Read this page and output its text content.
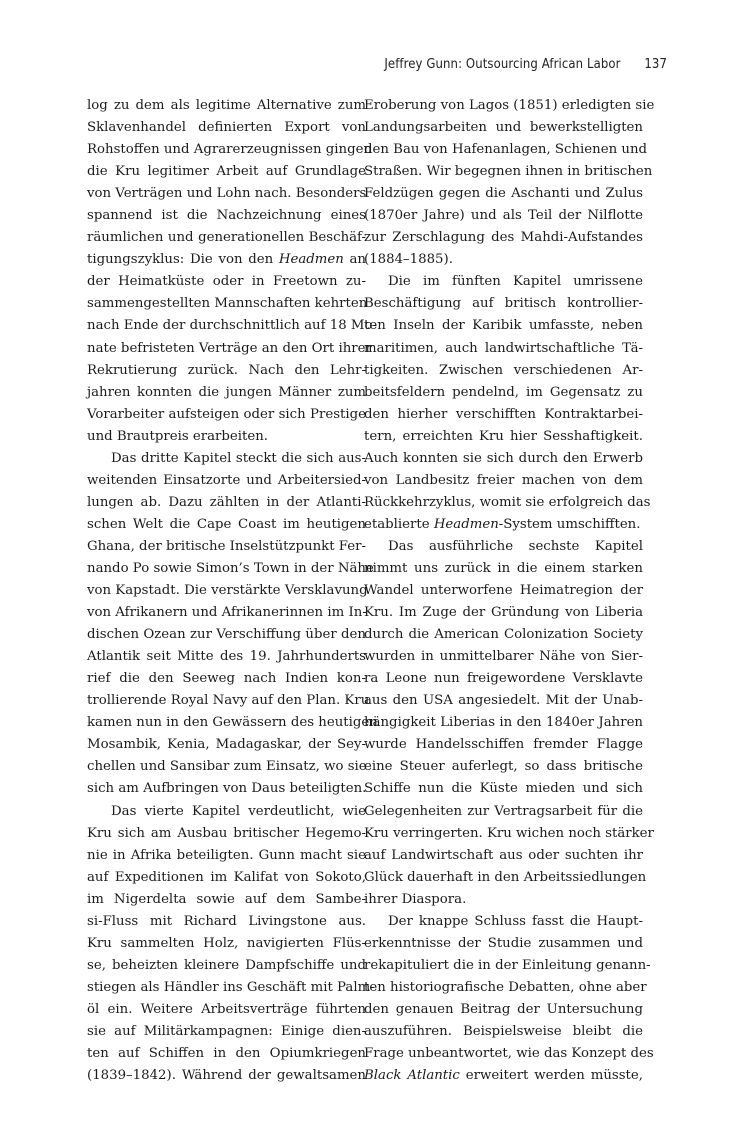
Jeffrey Gunn: Outsourcing African Labor 137
log zu dem als legitime Alternative zum
Sklavenhandel definierten Export von
Rohstoffen und Agrarerzeugnissen gingen
die Kru legitimer Arbeit auf Grundlage
von Verträgen und Lohn nach. Besonders
spannend ist die Nachzeichnung eines
räumlichen und generationellen Beschäf-
tigungszyklus: Die von den Headmen an
der Heimatküste oder in Freetown zu-
sammengestellten Mannschaften kehrten
nach Ende der durchschnittlich auf 18 Mo-
nate befristeten Verträge an den Ort ihrer
Rekrutierung zurück. Nach den Lehr-
jahren konnten die jungen Männer zum
Vorarbeiter aufsteigen oder sich Prestige
und Brautpreis erarbeiten.
Das dritte Kapitel steckt die sich aus-
weitenden Einsatzorte und Arbeitersied-
lungen ab. Dazu zählten in der Atlanti-
schen Welt die Cape Coast im heutigen
Ghana, der britische Inselstützpunkt Fer-
nando Po sowie Simon’s Town in der Nähe
von Kapstadt. Die verstärkte Versklavung
von Afrikanern und Afrikanerinnen im In-
dischen Ozean zur Verschiffung über den
Atlantik seit Mitte des 19. Jahrhunderts
rief die den Seeweg nach Indien kon-
trollierende Royal Navy auf den Plan. Kru
kamen nun in den Gewässern des heutigen
Mosambik, Kenia, Madagaskar, der Sey-
chellen und Sansibar zum Einsatz, wo sie
sich am Aufbringen von Daus beteiligten.
Das vierte Kapitel verdeutlicht, wie
Kru sich am Ausbau britischer Hegemo-
nie in Afrika beteiligten. Gunn macht sie
auf Expeditionen im Kalifat von Sokoto,
im Nigerdelta sowie auf dem Sambe-
si-Fluss mit Richard Livingstone aus.
Kru sammelten Holz, navigierten Flüs-
se, beheizten kleinere Dampfschiffe und
stiegen als Händler ins Geschäft mit Palm-
öl ein. Weitere Arbeitsverträge führten
sie auf Militärkampagnen: Einige dien-
ten auf Schiffen in den Opiumkriegen
(1839–1842). Während der gewaltsamen
Eroberung von Lagos (1851) erledigten sie
Landungsarbeiten und bewerkstelligten
den Bau von Hafenanlagen, Schienen und
Straßen. Wir begegnen ihnen in britischen
Feldzügen gegen die Aschanti und Zulus
(1870er Jahre) und als Teil der Nilflotte
zur Zerschlagung des Mahdi-Aufstandes
(1884–1885).
Die im fünften Kapitel umrissene
Beschäftigung auf britisch kontrollier-
ten Inseln der Karibik umfasste, neben
maritimen, auch landwirtschaftliche Tä-
tigkeiten. Zwischen verschiedenen Ar-
beitsfeldern pendelnd, im Gegensatz zu
den hierher verschifften Kontraktarbei-
tern, erreichten Kru hier Sesshaftigkeit.
Auch konnten sie sich durch den Erwerb
von Landbesitz freier machen von dem
Rückkehrzyklus, womit sie erfolgreich das
etablierte Headmen-System umschifften.
Das ausführliche sechste Kapitel
nimmt uns zurück in die einem starken
Wandel unterworfene Heimatregion der
Kru. Im Zuge der Gründung von Liberia
durch die American Colonization Society
wurden in unmittelbarer Nähe von Sier-
ra Leone nun freigewordene Versklavte
aus den USA angesiedelt. Mit der Unab-
hängigkeit Liberias in den 1840er Jahren
wurde Handelsschiffen fremder Flagge
eine Steuer auferlegt, so dass britische
Schiffe nun die Küste mieden und sich
Gelegenheiten zur Vertragsarbeit für die
Kru verringerten. Kru wichen noch stärker
auf Landwirtschaft aus oder suchten ihr
Glück dauerhaft in den Arbeitssiedlungen
ihrer Diaspora.
Der knappe Schluss fasst die Haupt-
erkenntnisse der Studie zusammen und
rekapituliert die in der Einleitung genann-
ten historiografische Debatten, ohne aber
den genauen Beitrag der Untersuchung
auszuführen. Beispielsweise bleibt die
Frage unbeantwortet, wie das Konzept des
Black Atlantic erweitert werden müsste,
